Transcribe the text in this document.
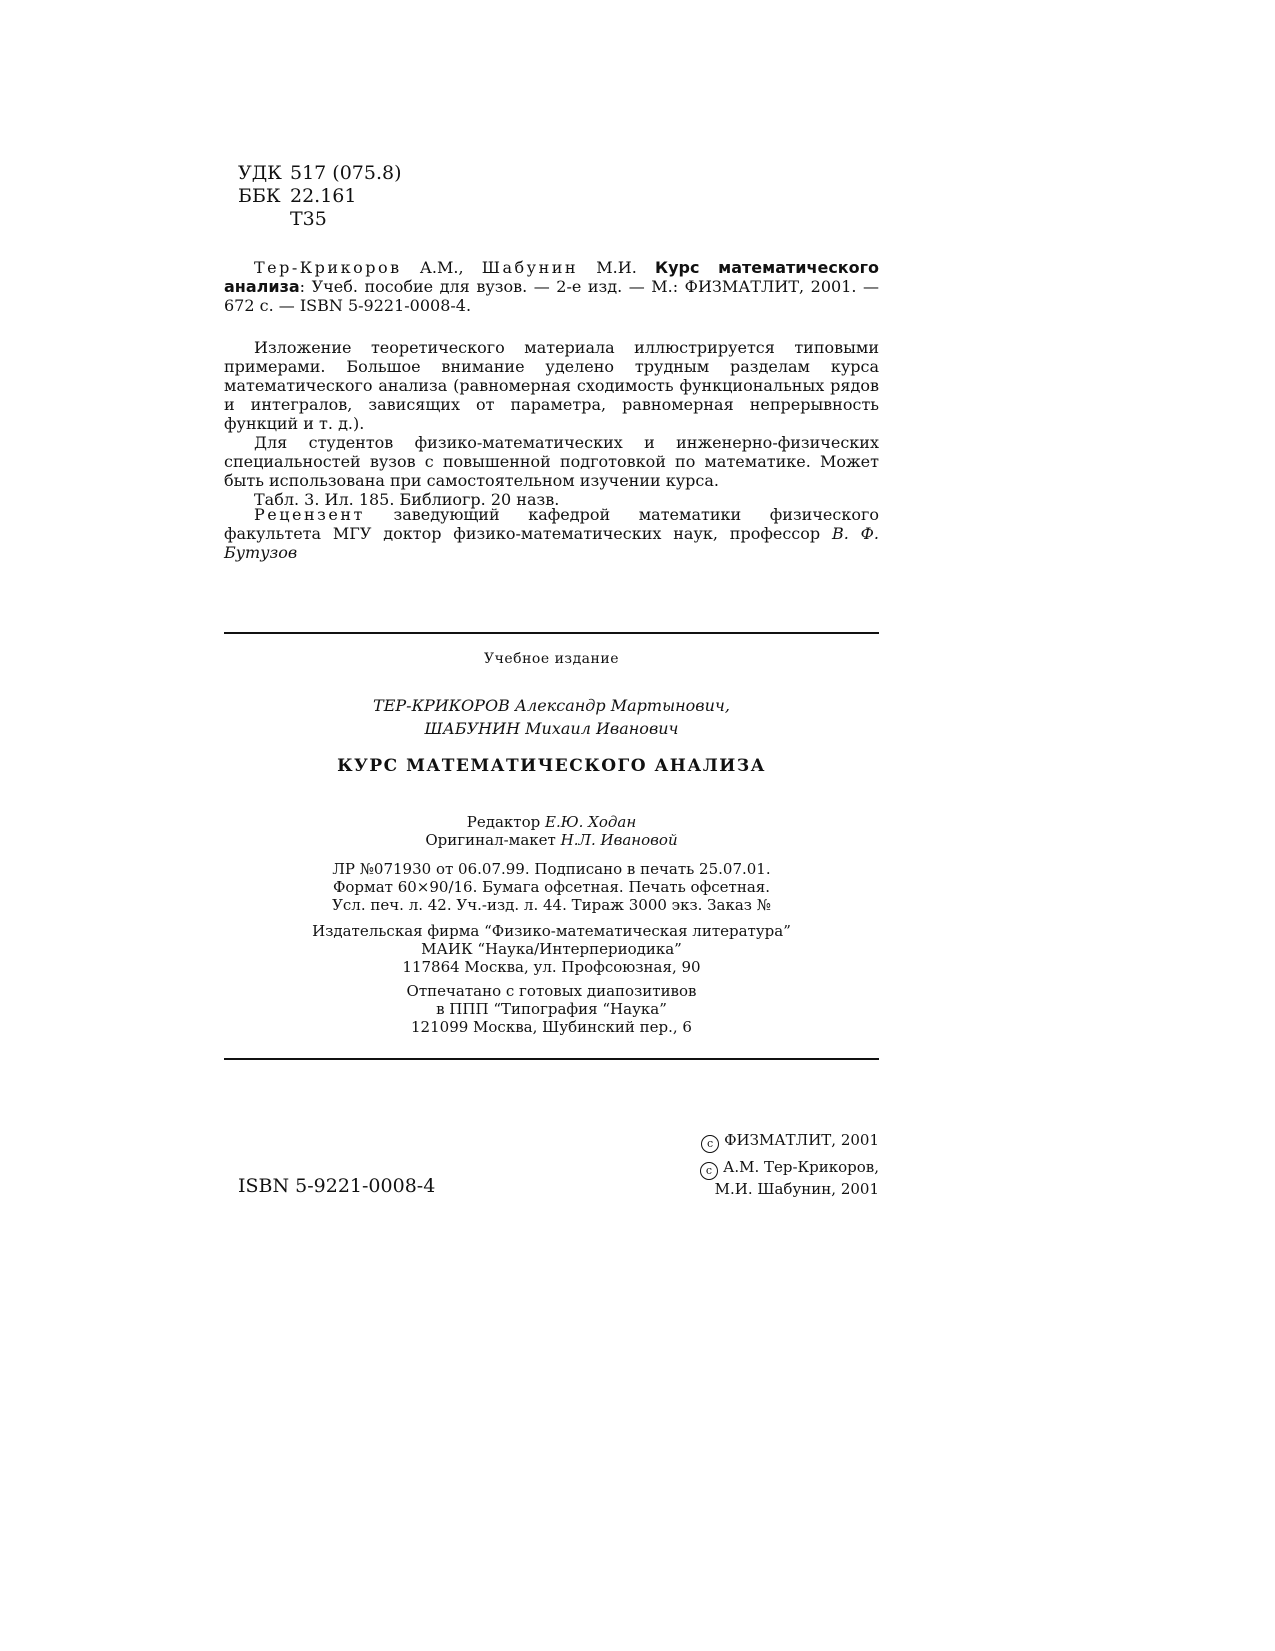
УДК 517 (075.8)
ББК 22.161
Т35
Тер-Крикоров А.М., Шабунин М.И. Курс математического анализа: Учеб. пособие для вузов. — 2-е изд. — М.: ФИЗМАТЛИТ, 2001. — 672 с. — ISBN 5-9221-0008-4.

Изложение теоретического материала иллюстрируется типовыми примерами. Большое внимание уделено трудным разделам курса математического анализа (равномерная сходимость функциональных рядов и интегралов, зависящих от параметра, равномерная непрерывность функций и т. д.).

Для студентов физико-математических и инженерно-физических специальностей вузов с повышенной подготовкой по математике. Может быть использована при самостоятельном изучении курса.

Табл. 3. Ил. 185. Библиогр. 20 назв.

Рецензент заведующий кафедрой математики физического факультета МГУ доктор физико-математических наук, профессор В. Ф. Бутузов

Учебное издание
ТЕР-КРИКОРОВ Александр Мартынович,
ШАБУНИН Михаил Иванович
КУРС МАТЕМАТИЧЕСКОГО АНАЛИЗА
Редактор Е.Ю. Ходан
Оригинал-макет Н.Л. Ивановой
ЛР №071930 от 06.07.99. Подписано в печать 25.07.01.
Формат 60×90/16. Бумага офсетная. Печать офсетная.
Усл. печ. л. 42. Уч.-изд. л. 44. Тираж 3000 экз. Заказ №
Издательская фирма “Физико-математическая литература”
МАИК “Наука/Интерпериодика”
117864 Москва, ул. Профсоюзная, 90
Отпечатано с готовых диапозитивов
в ППП “Типография “Наука”
121099 Москва, Шубинский пер., 6
ISBN 5-9221-0008-4
c ФИЗМАТЛИТ, 2001
c А.М. Тер-Крикоров,
М.И. Шабунин, 2001
